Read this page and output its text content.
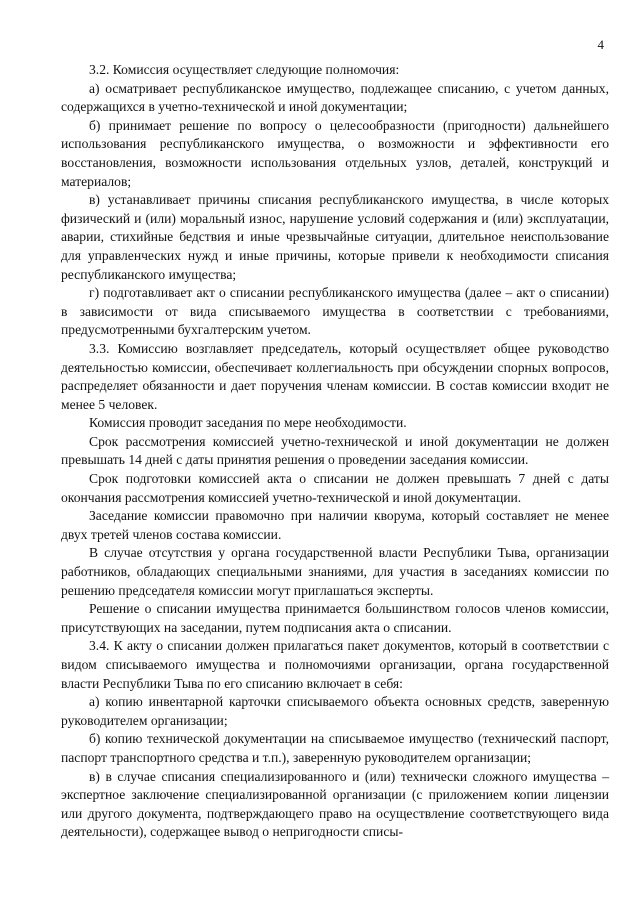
4

3.2. Комиссия осуществляет следующие полномочия:

а) осматривает республиканское имущество, подлежащее списанию, с учетом данных, содержащихся в учетно-технической и иной документации;

б) принимает решение по вопросу о целесообразности (пригодности) дальнейшего использования республиканского имущества, о возможности и эффективности его восстановления, возможности использования отдельных узлов, деталей, конструкций и материалов;

в) устанавливает причины списания республиканского имущества, в числе которых физический и (или) моральный износ, нарушение условий содержания и (или) эксплуатации, аварии, стихийные бедствия и иные чрезвычайные ситуации, длительное неиспользование для управленческих нужд и иные причины, которые привели к необходимости списания республиканского имущества;

г) подготавливает акт о списании республиканского имущества (далее – акт о списании) в зависимости от вида списываемого имущества в соответствии с требованиями, предусмотренными бухгалтерским учетом.

3.3. Комиссию возглавляет председатель, который осуществляет общее руководство деятельностью комиссии, обеспечивает коллегиальность при обсуждении спорных вопросов, распределяет обязанности и дает поручения членам комиссии. В состав комиссии входит не менее 5 человек.

Комиссия проводит заседания по мере необходимости.

Срок рассмотрения комиссией учетно-технической и иной документации не должен превышать 14 дней с даты принятия решения о проведении заседания комиссии.

Срок подготовки комиссией акта о списании не должен превышать 7 дней с даты окончания рассмотрения комиссией учетно-технической и иной документации.

Заседание комиссии правомочно при наличии кворума, который составляет не менее двух третей членов состава комиссии.

В случае отсутствия у органа государственной власти Республики Тыва, организации работников, обладающих специальными знаниями, для участия в заседаниях комиссии по решению председателя комиссии могут приглашаться эксперты.

Решение о списании имущества принимается большинством голосов членов комиссии, присутствующих на заседании, путем подписания акта о списании.

3.4. К акту о списании должен прилагаться пакет документов, который в соответствии с видом списываемого имущества и полномочиями организации, органа государственной власти Республики Тыва по его списанию включает в себя:

а) копию инвентарной карточки списываемого объекта основных средств, заверенную руководителем организации;

б) копию технической документации на списываемое имущество (технический паспорт, паспорт транспортного средства и т.п.), заверенную руководителем организации;

в) в случае списания специализированного и (или) технически сложного имущества – экспертное заключение специализированной организации (с приложением копии лицензии или другого документа, подтверждающего право на осуществление соответствующего вида деятельности), содержащее вывод о непригодности списы-
